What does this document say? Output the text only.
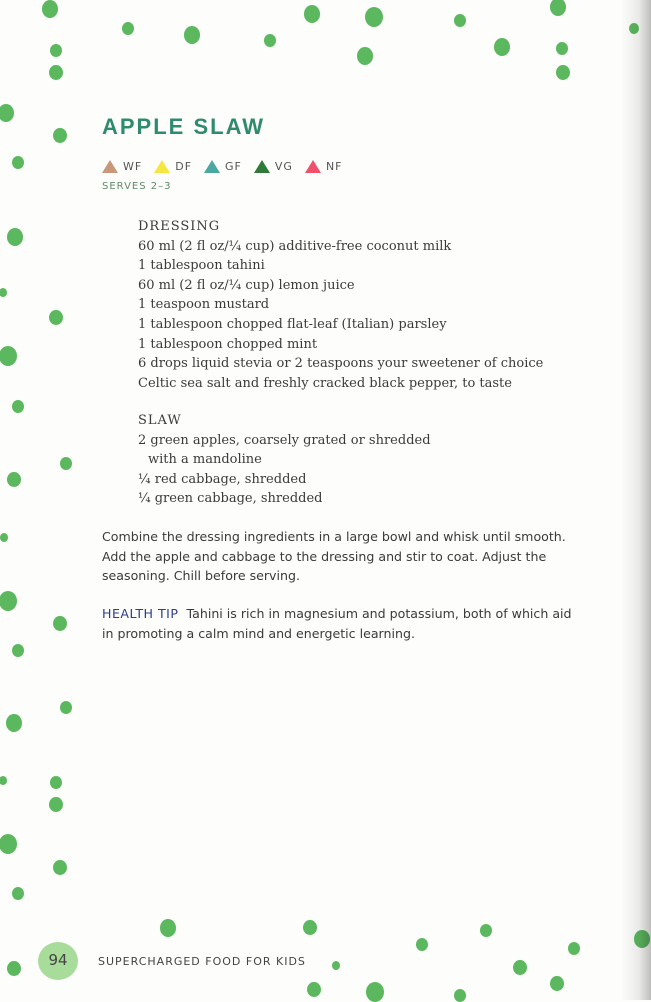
APPLE SLAW
WF	DF	GF	VG	NF
SERVES 2–3
DRESSING
60 ml (2 fl oz/¼ cup) additive-free coconut milk
1 tablespoon tahini
60 ml (2 fl oz/¼ cup) lemon juice
1 teaspoon mustard
1 tablespoon chopped flat-leaf (Italian) parsley
1 tablespoon chopped mint
6 drops liquid stevia or 2 teaspoons your sweetener of choice
Celtic sea salt and freshly cracked black pepper, to taste
SLAW
2 green apples, coarsely grated or shredded
with a mandoline
¼ red cabbage, shredded
¼ green cabbage, shredded
Combine the dressing ingredients in a large bowl and whisk until smooth. Add the apple and cabbage to the dressing and stir to coat. Adjust the seasoning. Chill before serving.
HEALTH TIP Tahini is rich in magnesium and potassium, both of which aid in promoting a calm mind and energetic learning.
94	SUPERCHARGED FOOD FOR KIDS
